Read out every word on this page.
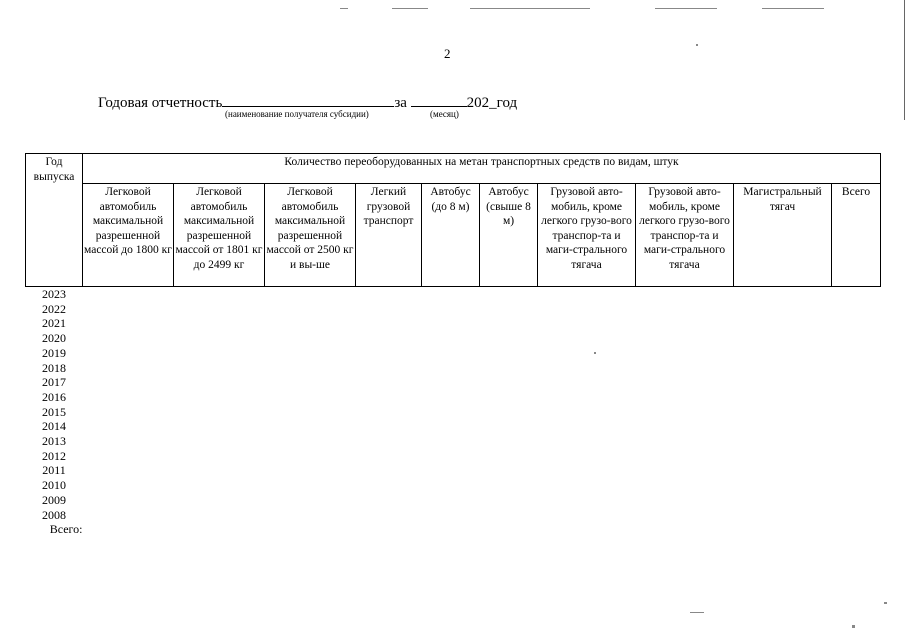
2
Годовая отчетность	за	202_год
(наименование получателя субсидии)	(месяц)
Год выпуска	Количество переоборудованных на метан транспортных средств по видам, штук									
	Легковой автомобиль максимальной разрешенной массой до 1800 кг	Легковой автомобиль максимальной разрешенной массой от 1801 кг до 2499 кг	Легковой автомобиль максимальной разрешенной массой от 2500 кг и вы-ше	Легкий грузовой транспорт	Автобус (до 8 м)	Автобус (свыше 8 м)	Грузовой авто-мобиль, кроме легкого грузо-вого транспор-та и маги-стрального тягача	Грузовой авто-мобиль, кроме легкого грузо-вого транспор-та и маги-стрального тягача	Магистральный тягач	Всего
2023										
2022										
2021										
2020										
2019										
2018										
2017										
2016										
2015										
2014										
2013										
2012										
2011										
2010										
2009										
2008										
Всего:										
